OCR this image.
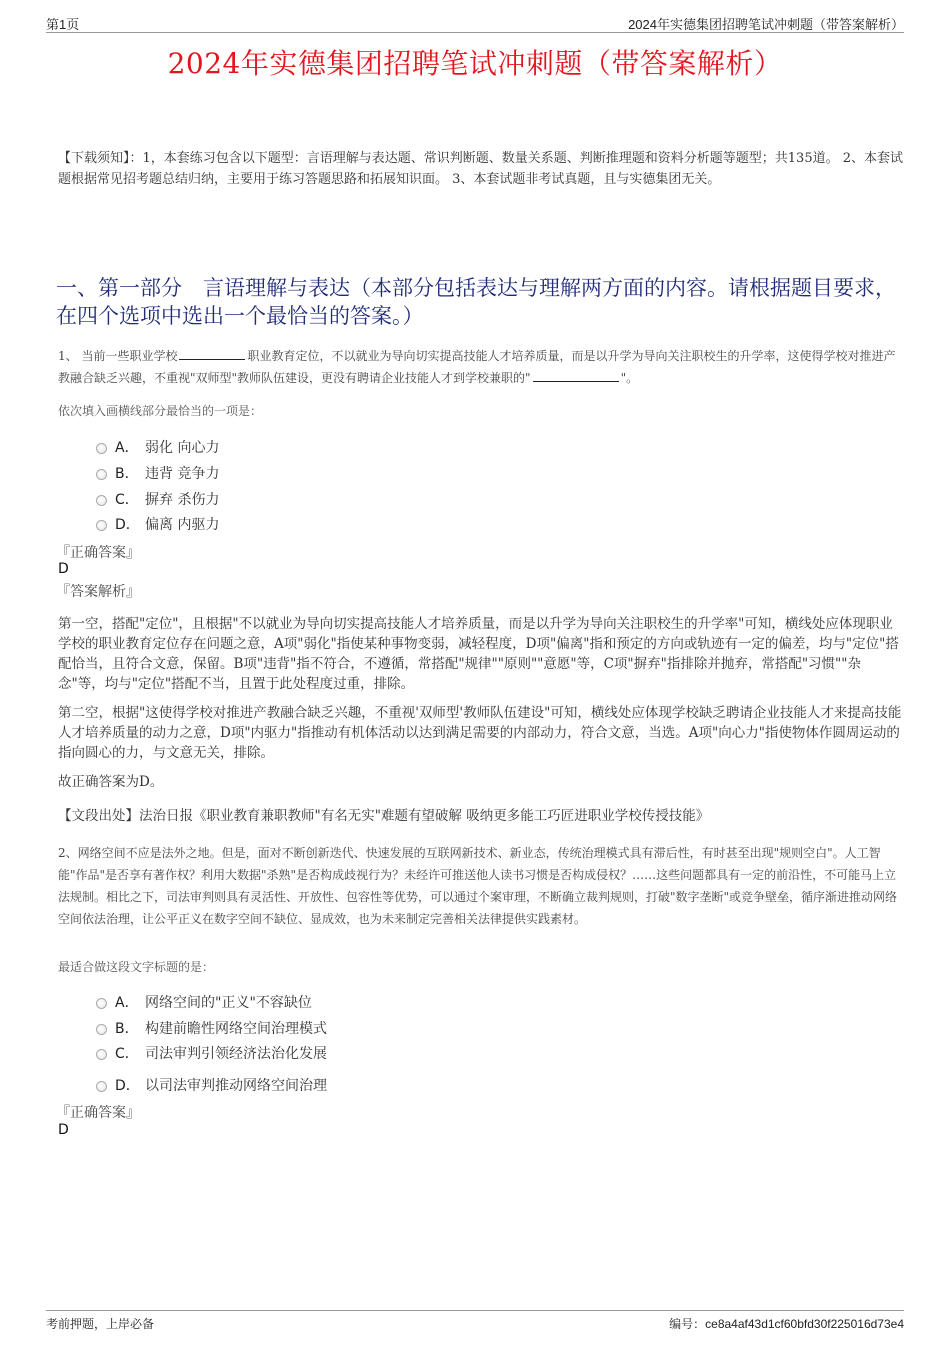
第1页	2024年实德集团招聘笔试冲刺题（带答案解析）
2024年实德集团招聘笔试冲刺题（带答案解析）
【下载须知】：1，本套练习包含以下题型：言语理解与表达题、常识判断题、数量关系题、判断推理题和资料分析题等题型；共135道。 2、本套试题根据常见招考题总结归纳，主要用于练习答题思路和拓展知识面。 3、本套试题非考试真题，且与实德集团无关。
一、第一部分　言语理解与表达（本部分包括表达与理解两方面的内容。请根据题目要求，在四个选项中选出一个最恰当的答案。）
1、 当前一些职业学校	职业教育定位，不以就业为导向切实提高技能人才培养质量，而是以升学为导向关注职校生的升学率，这使得学校对推进产教融合缺乏兴趣，不重视"双师型"教师队伍建设，更没有聘请企业技能人才到学校兼职的"	"。
依次填入画横线部分最恰当的一项是：
A． 弱化 向心力
B． 违背 竞争力
C． 摒弃 杀伤力
D． 偏离 内驱力
『正确答案』
D
『答案解析』
第一空，搭配"定位"，且根据"不以就业为导向切实提高技能人才培养质量，而是以升学为导向关注职校生的升学率"可知，横线处应体现职业学校的职业教育定位存在问题之意，A项"弱化"指使某种事物变弱，减轻程度，D项"偏离"指和预定的方向或轨迹有一定的偏差，均与"定位"搭配恰当，且符合文意，保留。B项"违背"指不符合，不遵循，常搭配"规律""原则""意愿"等，C项"摒弃"指排除并抛弃，常搭配"习惯""杂念"等，均与"定位"搭配不当，且置于此处程度过重，排除。
第二空，根据"这使得学校对推进产教融合缺乏兴趣，不重视'双师型'教师队伍建设"可知，横线处应体现学校缺乏聘请企业技能人才来提高技能人才培养质量的动力之意，D项"内驱力"指推动有机体活动以达到满足需要的内部动力，符合文意，当选。A项"向心力"指使物体作圆周运动的指向圆心的力，与文意无关，排除。
故正确答案为D。
【文段出处】法治日报《职业教育兼职教师"有名无实"难题有望破解 吸纳更多能工巧匠进职业学校传授技能》
2、网络空间不应是法外之地。但是，面对不断创新迭代、快速发展的互联网新技术、新业态，传统治理模式具有滞后性，有时甚至出现"规则空白"。人工智能"作品"是否享有著作权？利用大数据"杀熟"是否构成歧视行为？未经许可推送他人读书习惯是否构成侵权？……这些问题都具有一定的前沿性，不可能马上立法规制。相比之下，司法审判则具有灵活性、开放性、包容性等优势，可以通过个案审理，不断确立裁判规则，打破"数字垄断"或竞争壁垒，循序渐进推动网络空间依法治理，让公平正义在数字空间不缺位、显成效，也为未来制定完善相关法律提供实践素材。
最适合做这段文字标题的是：
A． 网络空间的"正义"不容缺位
B． 构建前瞻性网络空间治理模式
C． 司法审判引领经济法治化发展
D． 以司法审判推动网络空间治理
『正确答案』
D
考前押题，上岸必备	编号：ce8a4af43d1cf60bfd30f225016d73e4
